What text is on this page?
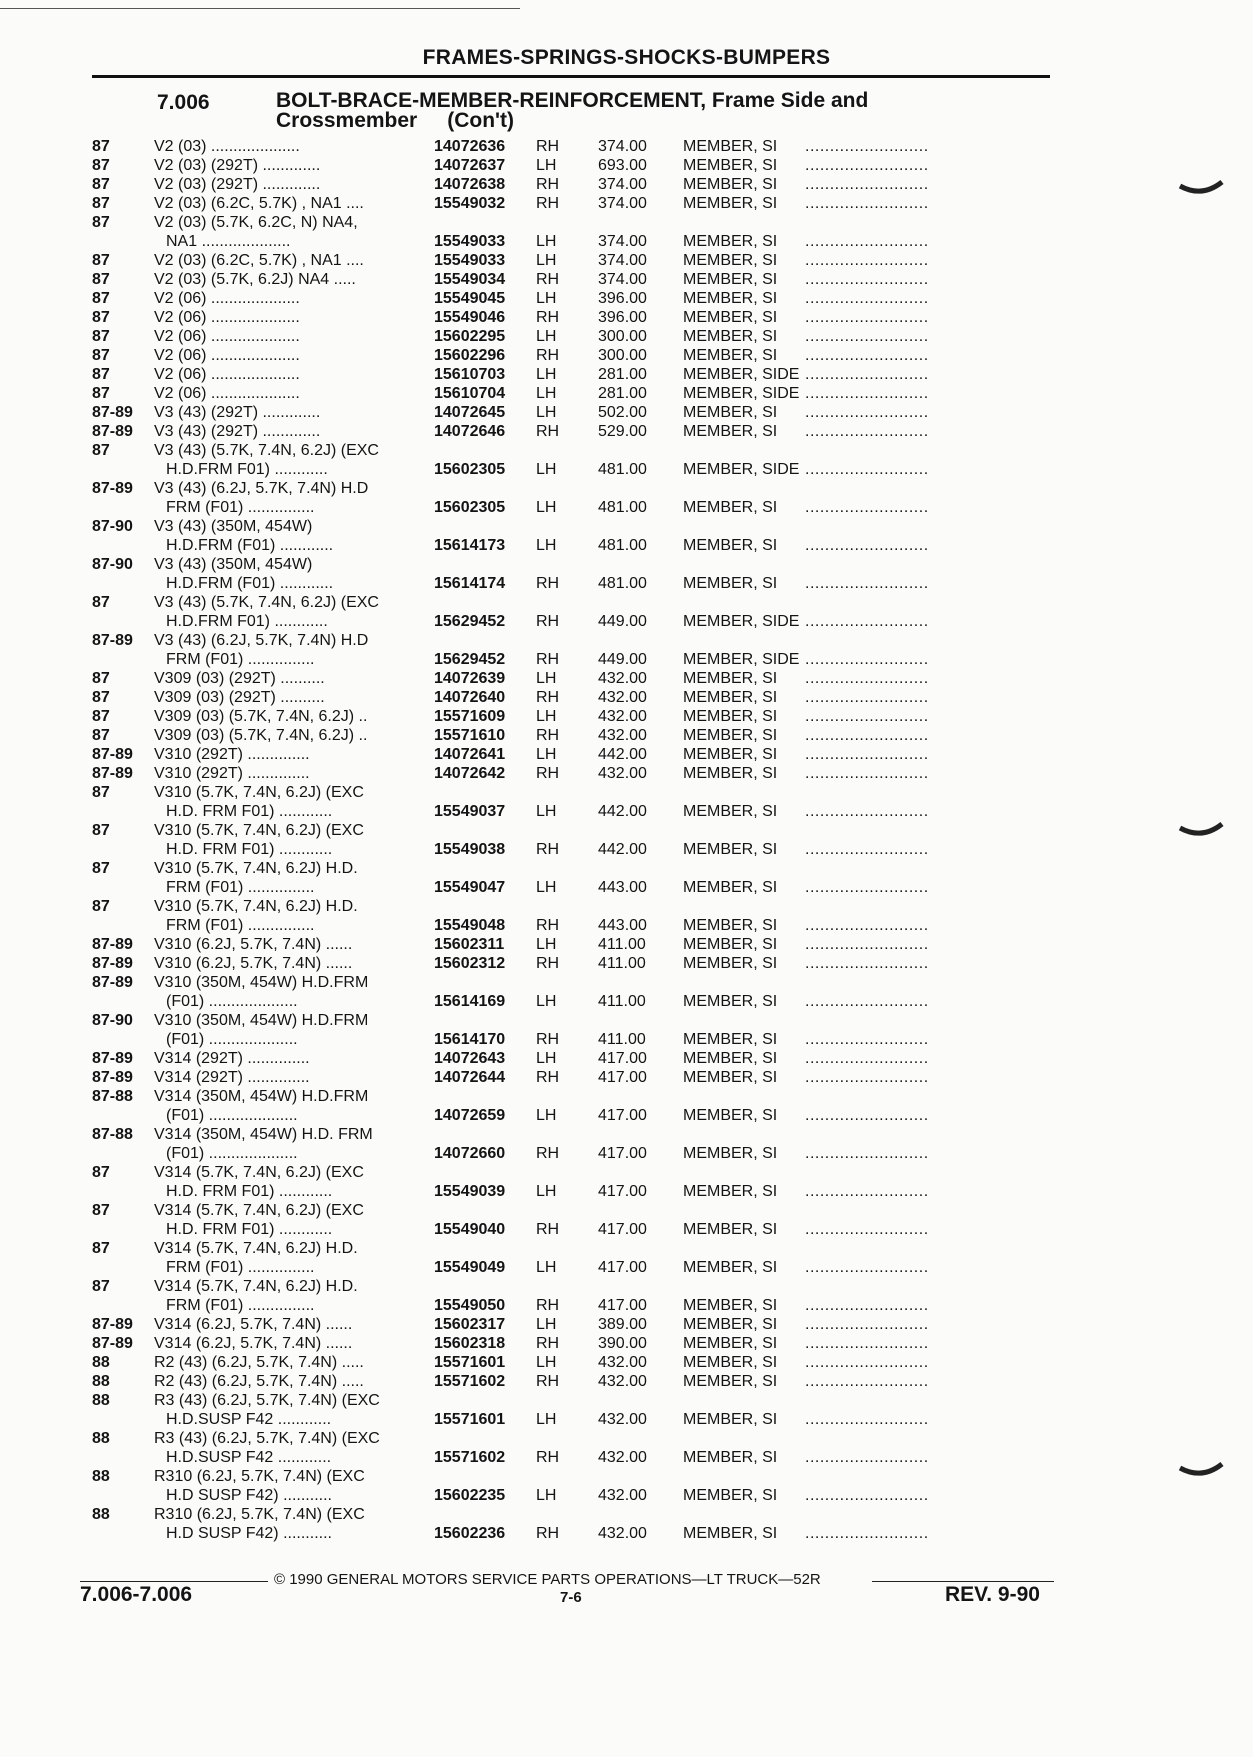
FRAMES-SPRINGS-SHOCKS-BUMPERS
7.006	BOLT-BRACE-MEMBER-REINFORCEMENT, Frame Side and
Crossmember (Con't)
87	V2 (03) ....................	14072636 RH 374.00 MEMBER, SI .........................
87	V2 (03) (292T) .............	14072637 LH	693.00 MEMBER, SI .........................
87	V2 (03) (292T) .............	14072638 RH 374.00 MEMBER, SI .........................
87	V2 (03) (6.2C, 5.7K) , NA1 ....	15549032 RH 374.00 MEMBER, SI .........................
87	V2 (03) (5.7K, 6.2C, N) NA4,
NA1 ....................	15549033 LH	374.00 MEMBER, SI .........................
87	V2 (03) (6.2C, 5.7K) , NA1 ....	15549033 LH	374.00 MEMBER, SI .........................
87	V2 (03) (5.7K, 6.2J) NA4 .....	15549034 RH 374.00 MEMBER, SI .........................
87	V2 (06) ....................	15549045 LH	396.00 MEMBER, SI .........................
87	V2 (06) ....................	15549046 RH 396.00 MEMBER, SI .........................
87	V2 (06) ....................	15602295 LH	300.00 MEMBER, SI .........................
87	V2 (06) ....................	15602296 RH 300.00 MEMBER, SI .........................
87	V2 (06) ....................	15610703 LH	281.00 MEMBER, SIDE .........................
87	V2 (06) ....................	15610704 LH	281.00 MEMBER, SIDE .........................
87-89 V3 (43) (292T) .............	14072645 LH	502.00 MEMBER, SI .........................
87-89 V3 (43) (292T) .............	14072646 RH 529.00 MEMBER, SI .........................
87	V3 (43) (5.7K, 7.4N, 6.2J) (EXC
H.D.FRM F01) ............	15602305 LH	481.00 MEMBER, SIDE .........................
87-89 V3 (43) (6.2J, 5.7K, 7.4N) H.D
FRM (F01) ...............	15602305 LH	481.00 MEMBER, SI .........................
87-90 V3 (43) (350M, 454W)
H.D.FRM (F01) ............	15614173 LH	481.00 MEMBER, SI .........................
87-90 V3 (43) (350M, 454W)
H.D.FRM (F01) ............	15614174 RH 481.00 MEMBER, SI .........................
87	V3 (43) (5.7K, 7.4N, 6.2J) (EXC
H.D.FRM F01) ............	15629452 RH 449.00 MEMBER, SIDE .........................
87-89 V3 (43) (6.2J, 5.7K, 7.4N) H.D
FRM (F01) ...............	15629452 RH 449.00 MEMBER, SIDE .........................
87	V309 (03) (292T) ..........	14072639 LH	432.00 MEMBER, SI .........................
87	V309 (03) (292T) ..........	14072640 RH 432.00 MEMBER, SI .........................
87	V309 (03) (5.7K, 7.4N, 6.2J) ..	15571609 LH	432.00 MEMBER, SI .........................
87	V309 (03) (5.7K, 7.4N, 6.2J) ..	15571610 RH 432.00 MEMBER, SI .........................
87-89 V310 (292T) ..............	14072641 LH	442.00 MEMBER, SI .........................
87-89 V310 (292T) ..............	14072642 RH 432.00 MEMBER, SI .........................
87	V310 (5.7K, 7.4N, 6.2J) (EXC
H.D. FRM F01) ............	15549037 LH	442.00 MEMBER, SI .........................
87	V310 (5.7K, 7.4N, 6.2J) (EXC
H.D. FRM F01) ............	15549038 RH 442.00 MEMBER, SI .........................
87	V310 (5.7K, 7.4N, 6.2J) H.D.
FRM (F01) ...............	15549047 LH	443.00 MEMBER, SI .........................
87	V310 (5.7K, 7.4N, 6.2J) H.D.
FRM (F01) ...............	15549048 RH 443.00 MEMBER, SI .........................
87-89 V310 (6.2J, 5.7K, 7.4N) ......	15602311 LH	411.00 MEMBER, SI .........................
87-89 V310 (6.2J, 5.7K, 7.4N) ......	15602312 RH 411.00 MEMBER, SI .........................
87-89 V310 (350M, 454W) H.D.FRM
(F01) ....................	15614169 LH	411.00 MEMBER, SI .........................
87-90 V310 (350M, 454W) H.D.FRM
(F01) ....................	15614170 RH 411.00 MEMBER, SI .........................
87-89 V314 (292T) ..............	14072643 LH	417.00 MEMBER, SI .........................
87-89 V314 (292T) ..............	14072644 RH 417.00 MEMBER, SI .........................
87-88 V314 (350M, 454W) H.D.FRM
(F01) ....................	14072659 LH	417.00 MEMBER, SI .........................
87-88 V314 (350M, 454W) H.D. FRM
(F01) ....................	14072660 RH 417.00 MEMBER, SI .........................
87	V314 (5.7K, 7.4N, 6.2J) (EXC
H.D. FRM F01) ............	15549039 LH	417.00 MEMBER, SI .........................
87	V314 (5.7K, 7.4N, 6.2J) (EXC
H.D. FRM F01) ............	15549040 RH 417.00 MEMBER, SI .........................
87	V314 (5.7K, 7.4N, 6.2J) H.D.
FRM (F01) ...............	15549049 LH	417.00 MEMBER, SI .........................
87	V314 (5.7K, 7.4N, 6.2J) H.D.
FRM (F01) ...............	15549050 RH 417.00 MEMBER, SI .........................
87-89 V314 (6.2J, 5.7K, 7.4N) ......	15602317 LH	389.00 MEMBER, SI .........................
87-89 V314 (6.2J, 5.7K, 7.4N) ......	15602318 RH 390.00 MEMBER, SI .........................
88	R2 (43) (6.2J, 5.7K, 7.4N) .....	15571601 LH	432.00 MEMBER, SI .........................
88	R2 (43) (6.2J, 5.7K, 7.4N) .....	15571602 RH 432.00 MEMBER, SI .........................
88	R3 (43) (6.2J, 5.7K, 7.4N) (EXC
H.D.SUSP F42 ............	15571601 LH	432.00 MEMBER, SI .........................
88	R3 (43) (6.2J, 5.7K, 7.4N) (EXC
H.D.SUSP F42 ............	15571602 RH 432.00 MEMBER, SI .........................
88	R310 (6.2J, 5.7K, 7.4N) (EXC
H.D SUSP F42) ...........	15602235 LH	432.00 MEMBER, SI .........................
88	R310 (6.2J, 5.7K, 7.4N) (EXC
H.D SUSP F42) ...........	15602236 RH 432.00 MEMBER, SI .........................
© 1990 GENERAL MOTORS SERVICE PARTS OPERATIONS—LT TRUCK—52R
7.006-7.006	7-6	REV. 9-90
